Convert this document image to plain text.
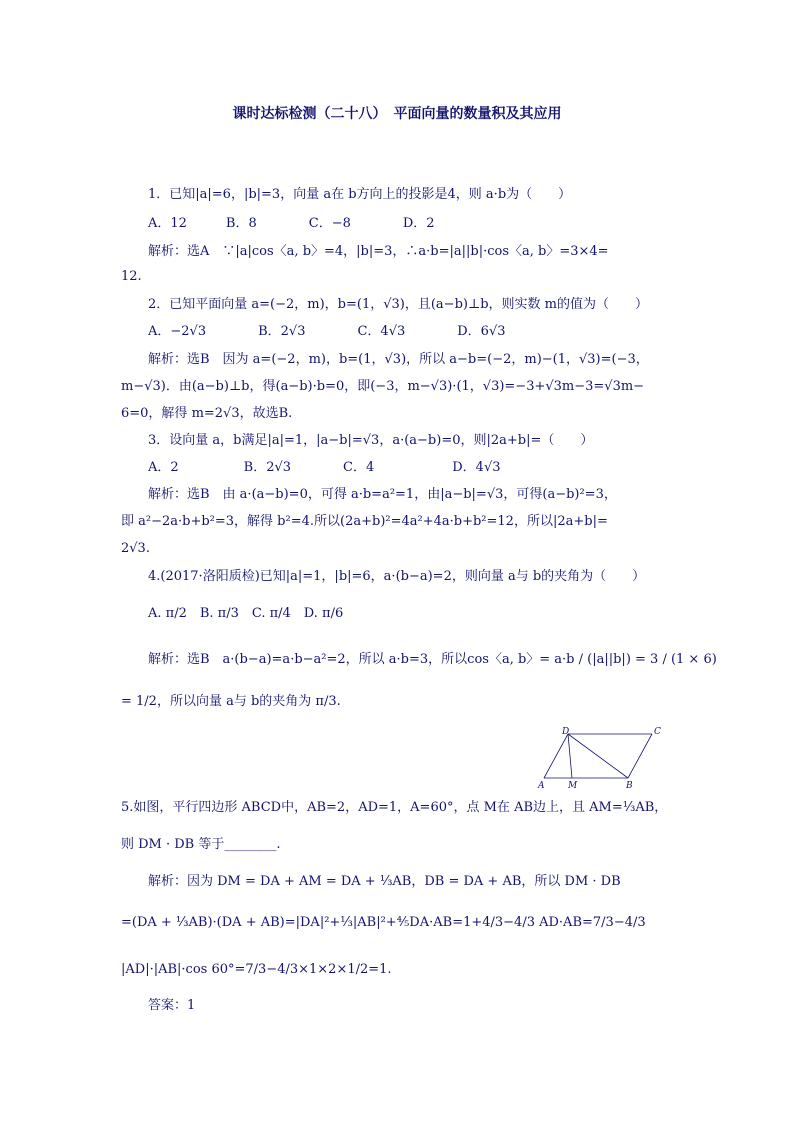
课时达标检测（二十八）　平面向量的数量积及其应用
1．已知|a|=6，|b|=3，向量 a在 b方向上的投影是4，则 a·b为（　　）
A．12　　　B．8　　　　C．−8　　　　D．2
解析：选A　∵|a|cos〈a, b〉=4，|b|=3，∴a·b=|a||b|·cos〈a, b〉=3×4=
12.
2．已知平面向量 a=(−2，m)，b=(1，√3)，且(a−b)⊥b，则实数 m的值为（　　）
A．−2√3　　　　B．2√3　　　　C．4√3　　　　D．6√3
解析：选B　因为 a=(−2，m)，b=(1，√3)，所以 a−b=(−2，m)−(1，√3)=(−3，
m−√3)．由(a−b)⊥b，得(a−b)·b=0，即(−3，m−√3)·(1，√3)=−3+√3m−3=√3m−
6=0，解得 m=2√3，故选B.
3．设向量 a，b满足|a|=1，|a−b|=√3，a·(a−b)=0，则|2a+b|=（　　）
A．2　　　　　B．2√3　　　　C．4　　　　　　D．4√3
解析：选B　由 a·(a−b)=0，可得 a·b=a²=1，由|a−b|=√3，可得(a−b)²=3，
即 a²−2a·b+b²=3，解得 b²=4.所以(2a+b)²=4a²+4a·b+b²=12，所以|2a+b|=
2√3.
4.(2017·洛阳质检)已知|a|=1，|b|=6，a·(b−a)=2，则向量 a与 b的夹角为（　　）
A. π/2　B. π/3　C. π/4　D. π/6
解析：选B　a·(b−a)=a·b−a²=2，所以 a·b=3，所以cos〈a, b〉= a·b / (|a||b|) = 3 / (1 × 6)
= 1/2，所以向量 a与 b的夹角为 π/3.
D	C
A	M	B
5.如图，平行四边形 ABCD中，AB=2，AD=1，A=60°，点 M在 AB边上，且 AM=⅓AB，
则 DM · DB 等于________.
解析：因为 DM = DA + AM = DA + ⅓AB，DB = DA + AB，所以 DM · DB
=(DA + ⅓AB)·(DA + AB)=|DA|²+⅓|AB|²+⅘DA·AB=1+4/3−4/3 AD·AB=7/3−4/3
|AD|·|AB|·cos 60°=7/3−4/3×1×2×1/2=1.
答案：1
